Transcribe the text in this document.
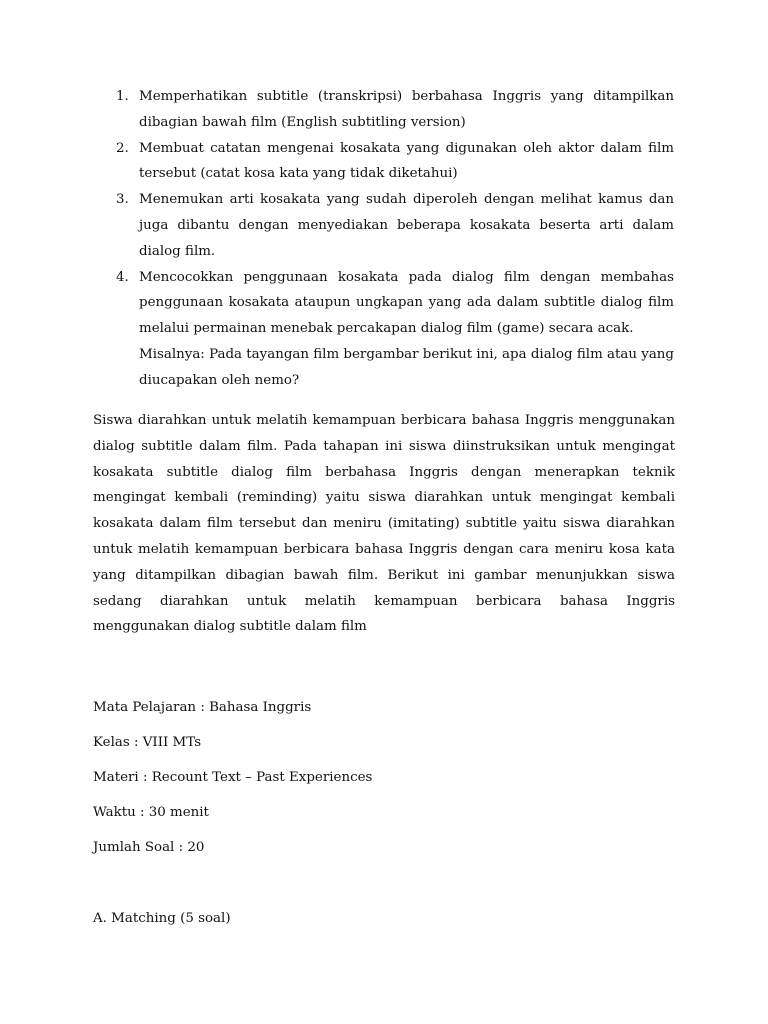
1. Memperhatikan subtitle (transkripsi) berbahasa Inggris yang ditampilkan dibagian bawah film (English subtitling version)
2. Membuat catatan mengenai kosakata yang digunakan oleh aktor dalam film tersebut (catat kosa kata yang tidak diketahui)
3. Menemukan arti kosakata yang sudah diperoleh dengan melihat kamus dan juga dibantu dengan menyediakan beberapa kosakata beserta arti dalam dialog film.
4. Mencocokkan penggunaan kosakata pada dialog film dengan membahas penggunaan kosakata ataupun ungkapan yang ada dalam subtitle dialog film melalui permainan menebak percakapan dialog film (game) secara acak.
Misalnya: Pada tayangan film bergambar berikut ini, apa dialog film atau yang diucapakan oleh nemo?

Siswa diarahkan untuk melatih kemampuan berbicara bahasa Inggris menggunakan dialog subtitle dalam film. Pada tahapan ini siswa diinstruksikan untuk mengingat kosakata subtitle dialog film berbahasa Inggris dengan menerapkan teknik mengingat kembali (reminding) yaitu siswa diarahkan untuk mengingat kembali kosakata dalam film tersebut dan meniru (imitating) subtitle yaitu siswa diarahkan untuk melatih kemampuan berbicara bahasa Inggris dengan cara meniru kosa kata yang ditampilkan dibagian bawah film. Berikut ini gambar menunjukkan siswa sedang diarahkan untuk melatih kemampuan berbicara bahasa Inggris menggunakan dialog subtitle dalam film

Mata Pelajaran : Bahasa Inggris

Kelas : VIII MTs

Materi : Recount Text – Past Experiences

Waktu : 30 menit

Jumlah Soal : 20

A. Matching (5 soal)
